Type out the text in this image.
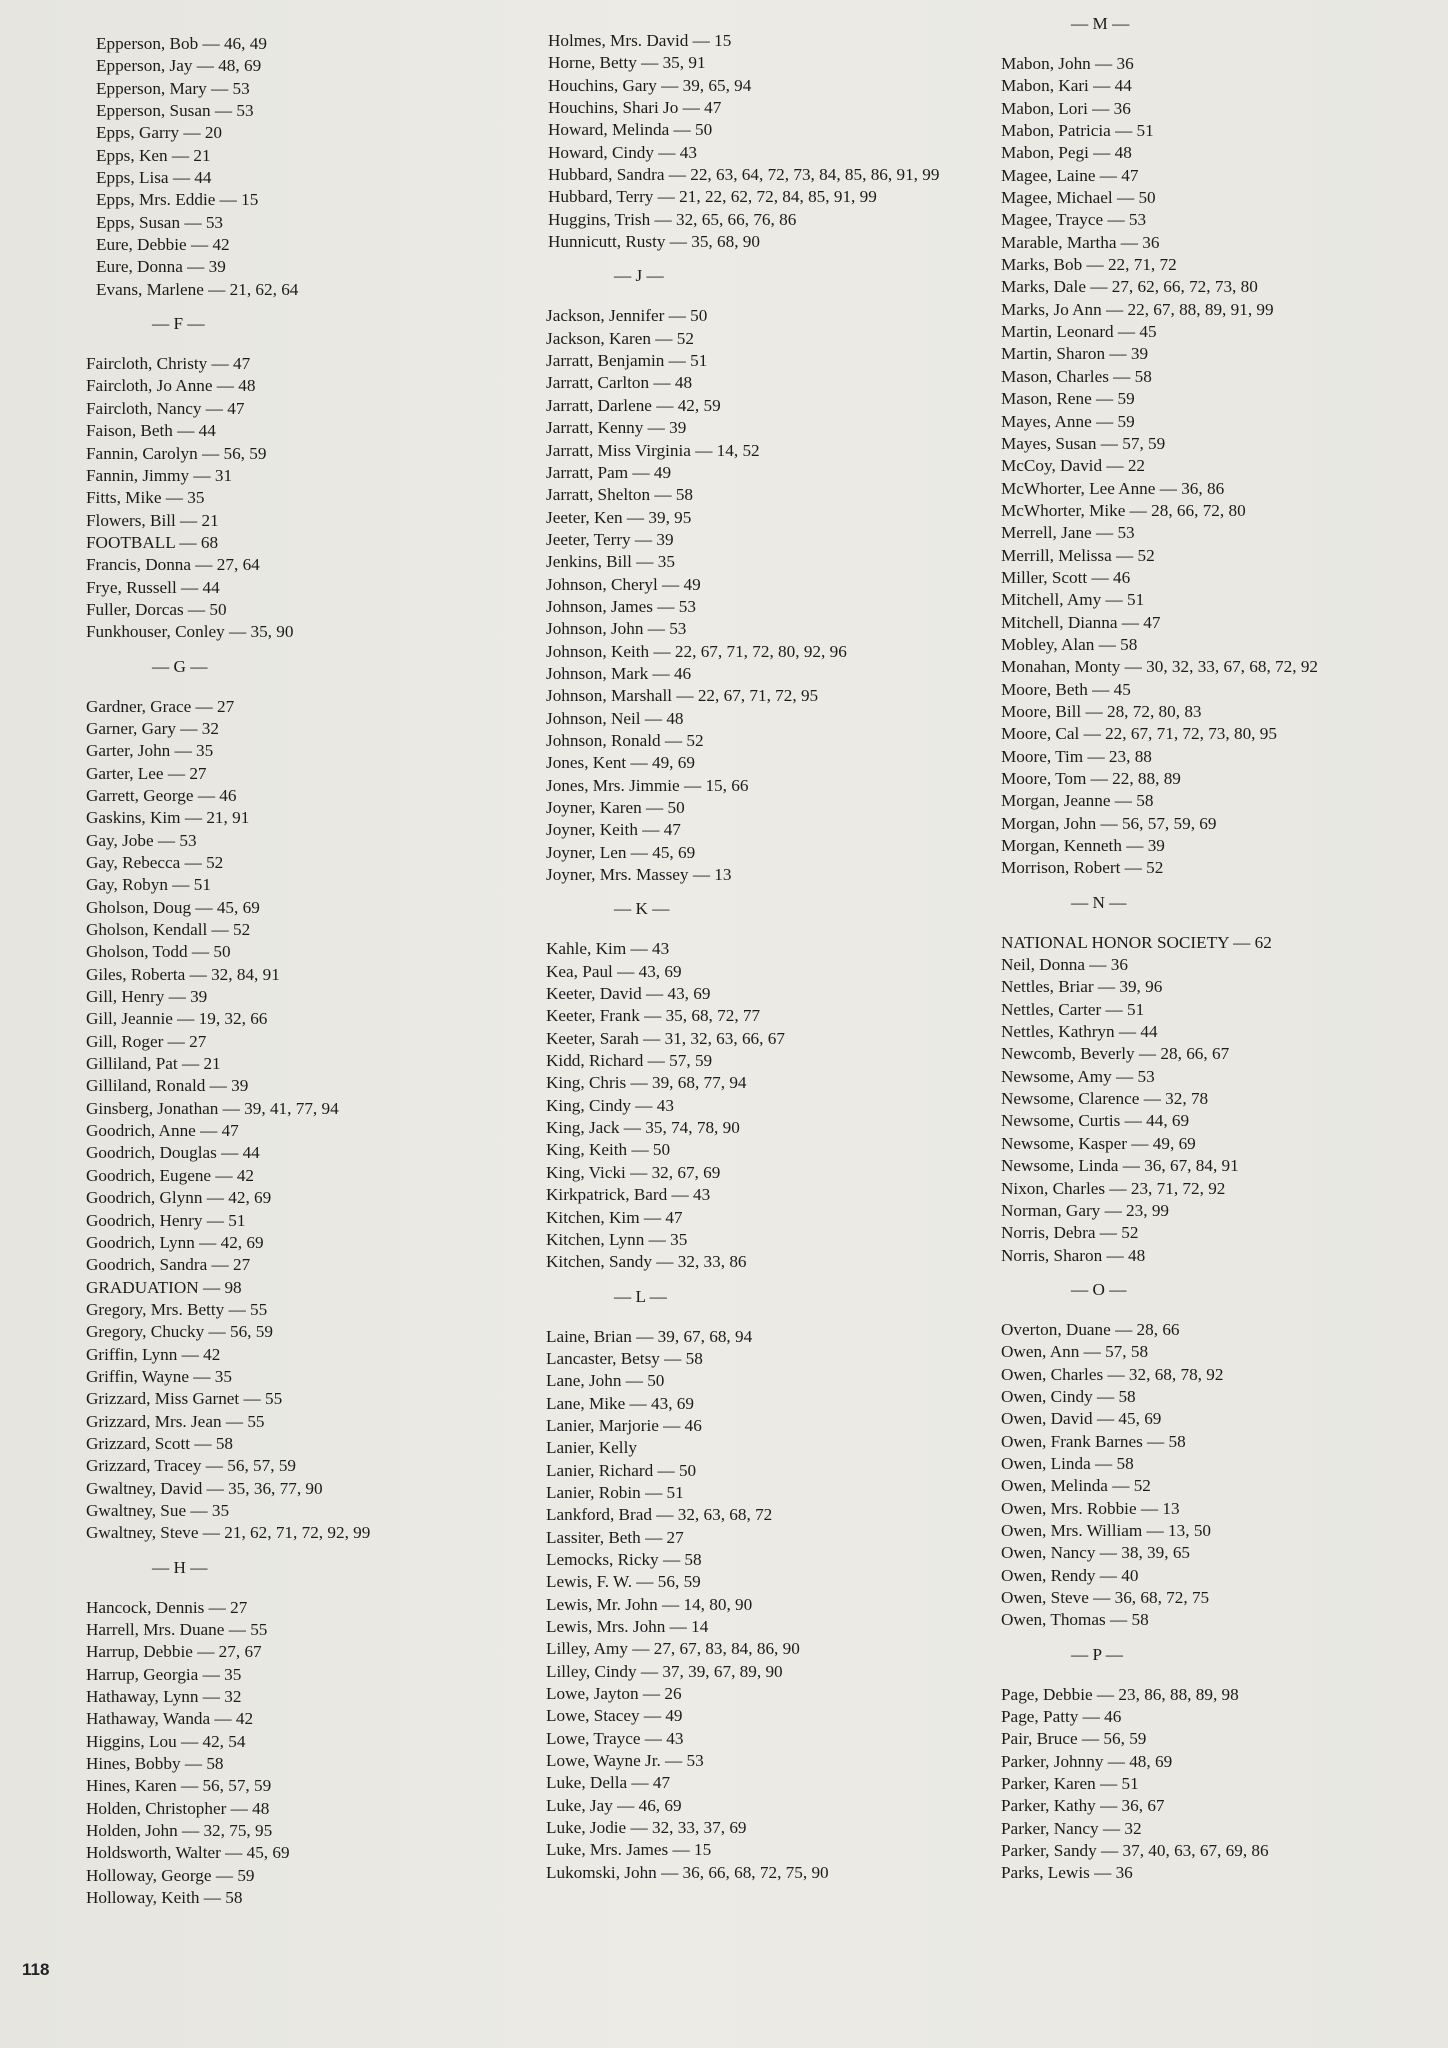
Epperson, Bob — 46, 49
Epperson, Jay — 48, 69
Epperson, Mary — 53
Epperson, Susan — 53
Epps, Garry — 20
Epps, Ken — 21
Epps, Lisa — 44
Epps, Mrs. Eddie — 15
Epps, Susan — 53
Eure, Debbie — 42
Eure, Donna — 39
Evans, Marlene — 21, 62, 64
— F —
Faircloth, Christy — 47
Faircloth, Jo Anne — 48
Faircloth, Nancy — 47
Faison, Beth — 44
Fannin, Carolyn — 56, 59
Fannin, Jimmy — 31
Fitts, Mike — 35
Flowers, Bill — 21
FOOTBALL — 68
Francis, Donna — 27, 64
Frye, Russell — 44
Fuller, Dorcas — 50
Funkhouser, Conley — 35, 90
— G —
Gardner, Grace — 27
Garner, Gary — 32
Garter, John — 35
Garter, Lee — 27
Garrett, George — 46
Gaskins, Kim — 21, 91
Gay, Jobe — 53
Gay, Rebecca — 52
Gay, Robyn — 51
Gholson, Doug — 45, 69
Gholson, Kendall — 52
Gholson, Todd — 50
Giles, Roberta — 32, 84, 91
Gill, Henry — 39
Gill, Jeannie — 19, 32, 66
Gill, Roger — 27
Gilliland, Pat — 21
Gilliland, Ronald — 39
Ginsberg, Jonathan — 39, 41, 77, 94
Goodrich, Anne — 47
Goodrich, Douglas — 44
Goodrich, Eugene — 42
Goodrich, Glynn — 42, 69
Goodrich, Henry — 51
Goodrich, Lynn — 42, 69
Goodrich, Sandra — 27
GRADUATION — 98
Gregory, Mrs. Betty — 55
Gregory, Chucky — 56, 59
Griffin, Lynn — 42
Griffin, Wayne — 35
Grizzard, Miss Garnet — 55
Grizzard, Mrs. Jean — 55
Grizzard, Scott — 58
Grizzard, Tracey — 56, 57, 59
Gwaltney, David — 35, 36, 77, 90
Gwaltney, Sue — 35
Gwaltney, Steve — 21, 62, 71, 72, 92, 99
— H —
Hancock, Dennis — 27
Harrell, Mrs. Duane — 55
Harrup, Debbie — 27, 67
Harrup, Georgia — 35
Hathaway, Lynn — 32
Hathaway, Wanda — 42
Higgins, Lou — 42, 54
Hines, Bobby — 58
Hines, Karen — 56, 57, 59
Holden, Christopher — 48
Holden, John — 32, 75, 95
Holdsworth, Walter — 45, 69
Holloway, George — 59
Holloway, Keith — 58
Holmes, Mrs. David — 15
Horne, Betty — 35, 91
Houchins, Gary — 39, 65, 94
Houchins, Shari Jo — 47
Howard, Melinda — 50
Howard, Cindy — 43
Hubbard, Sandra — 22, 63, 64, 72, 73, 84, 85, 86, 91, 99
Hubbard, Terry — 21, 22, 62, 72, 84, 85, 91, 99
Huggins, Trish — 32, 65, 66, 76, 86
Hunnicutt, Rusty — 35, 68, 90
— J —
Jackson, Jennifer — 50
Jackson, Karen — 52
Jarratt, Benjamin — 51
Jarratt, Carlton — 48
Jarratt, Darlene — 42, 59
Jarratt, Kenny — 39
Jarratt, Miss Virginia — 14, 52
Jarratt, Pam — 49
Jarratt, Shelton — 58
Jeeter, Ken — 39, 95
Jeeter, Terry — 39
Jenkins, Bill — 35
Johnson, Cheryl — 49
Johnson, James — 53
Johnson, John — 53
Johnson, Keith — 22, 67, 71, 72, 80, 92, 96
Johnson, Mark — 46
Johnson, Marshall — 22, 67, 71, 72, 95
Johnson, Neil — 48
Johnson, Ronald — 52
Jones, Kent — 49, 69
Jones, Mrs. Jimmie — 15, 66
Joyner, Karen — 50
Joyner, Keith — 47
Joyner, Len — 45, 69
Joyner, Mrs. Massey — 13
— K —
Kahle, Kim — 43
Kea, Paul — 43, 69
Keeter, David — 43, 69
Keeter, Frank — 35, 68, 72, 77
Keeter, Sarah — 31, 32, 63, 66, 67
Kidd, Richard — 57, 59
King, Chris — 39, 68, 77, 94
King, Cindy — 43
King, Jack — 35, 74, 78, 90
King, Keith — 50
King, Vicki — 32, 67, 69
Kirkpatrick, Bard — 43
Kitchen, Kim — 47
Kitchen, Lynn — 35
Kitchen, Sandy — 32, 33, 86
— L —
Laine, Brian — 39, 67, 68, 94
Lancaster, Betsy — 58
Lane, John — 50
Lane, Mike — 43, 69
Lanier, Marjorie — 46
Lanier, Kelly
Lanier, Richard — 50
Lanier, Robin — 51
Lankford, Brad — 32, 63, 68, 72
Lassiter, Beth — 27
Lemocks, Ricky — 58
Lewis, F. W. — 56, 59
Lewis, Mr. John — 14, 80, 90
Lewis, Mrs. John — 14
Lilley, Amy — 27, 67, 83, 84, 86, 90
Lilley, Cindy — 37, 39, 67, 89, 90
Lowe, Jayton — 26
Lowe, Stacey — 49
Lowe, Trayce — 43
Lowe, Wayne Jr. — 53
Luke, Della — 47
Luke, Jay — 46, 69
Luke, Jodie — 32, 33, 37, 69
Luke, Mrs. James — 15
Lukomski, John — 36, 66, 68, 72, 75, 90
— M —
Mabon, John — 36
Mabon, Kari — 44
Mabon, Lori — 36
Mabon, Patricia — 51
Mabon, Pegi — 48
Magee, Laine — 47
Magee, Michael — 50
Magee, Trayce — 53
Marable, Martha — 36
Marks, Bob — 22, 71, 72
Marks, Dale — 27, 62, 66, 72, 73, 80
Marks, Jo Ann — 22, 67, 88, 89, 91, 99
Martin, Leonard — 45
Martin, Sharon — 39
Mason, Charles — 58
Mason, Rene — 59
Mayes, Anne — 59
Mayes, Susan — 57, 59
McCoy, David — 22
McWhorter, Lee Anne — 36, 86
McWhorter, Mike — 28, 66, 72, 80
Merrell, Jane — 53
Merrill, Melissa — 52
Miller, Scott — 46
Mitchell, Amy — 51
Mitchell, Dianna — 47
Mobley, Alan — 58
Monahan, Monty — 30, 32, 33, 67, 68, 72, 92
Moore, Beth — 45
Moore, Bill — 28, 72, 80, 83
Moore, Cal — 22, 67, 71, 72, 73, 80, 95
Moore, Tim — 23, 88
Moore, Tom — 22, 88, 89
Morgan, Jeanne — 58
Morgan, John — 56, 57, 59, 69
Morgan, Kenneth — 39
Morrison, Robert — 52
— N —
NATIONAL HONOR SOCIETY — 62
Neil, Donna — 36
Nettles, Briar — 39, 96
Nettles, Carter — 51
Nettles, Kathryn — 44
Newcomb, Beverly — 28, 66, 67
Newsome, Amy — 53
Newsome, Clarence — 32, 78
Newsome, Curtis — 44, 69
Newsome, Kasper — 49, 69
Newsome, Linda — 36, 67, 84, 91
Nixon, Charles — 23, 71, 72, 92
Norman, Gary — 23, 99
Norris, Debra — 52
Norris, Sharon — 48
— O —
Overton, Duane — 28, 66
Owen, Ann — 57, 58
Owen, Charles — 32, 68, 78, 92
Owen, Cindy — 58
Owen, David — 45, 69
Owen, Frank Barnes — 58
Owen, Linda — 58
Owen, Melinda — 52
Owen, Mrs. Robbie — 13
Owen, Mrs. William — 13, 50
Owen, Nancy — 38, 39, 65
Owen, Rendy — 40
Owen, Steve — 36, 68, 72, 75
Owen, Thomas — 58
— P —
Page, Debbie — 23, 86, 88, 89, 98
Page, Patty — 46
Pair, Bruce — 56, 59
Parker, Johnny — 48, 69
Parker, Karen — 51
Parker, Kathy — 36, 67
Parker, Nancy — 32
Parker, Sandy — 37, 40, 63, 67, 69, 86
Parks, Lewis — 36
118
